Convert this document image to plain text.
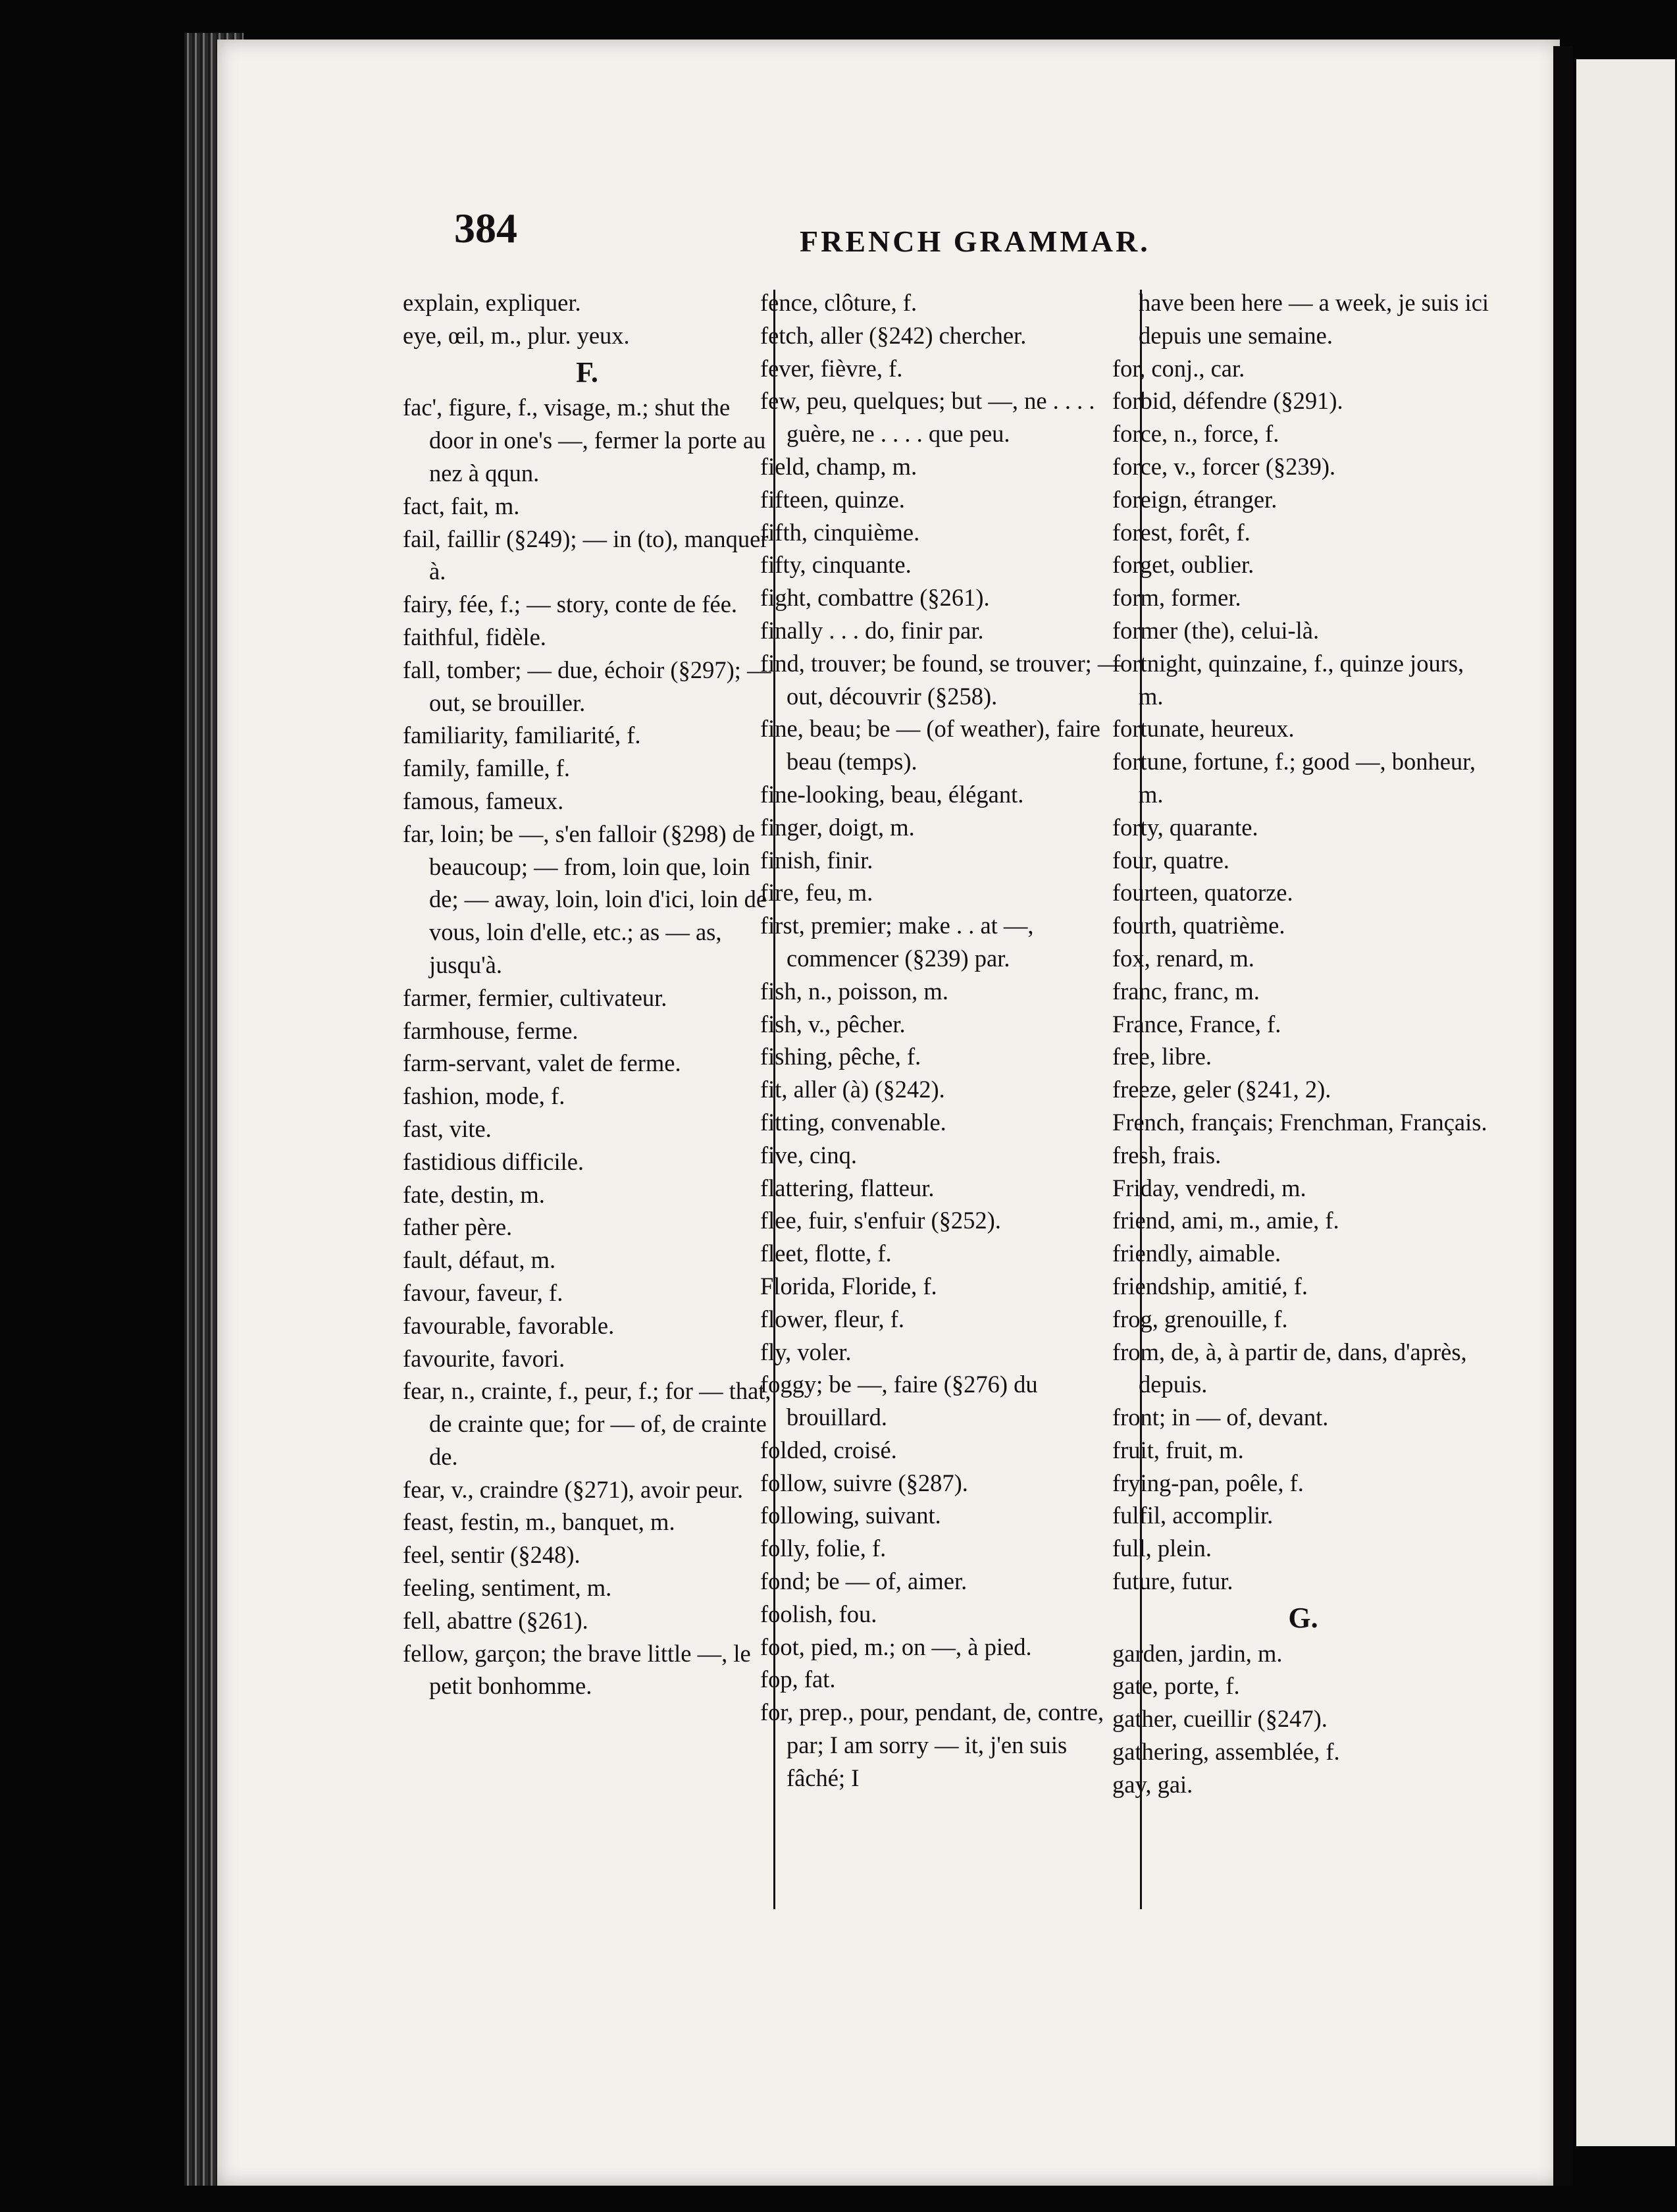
384	FRENCH GRAMMAR.

explain, expliquer.

eye, œil, m., plur. yeux.

F.

fac', figure, f., visage, m.; shut the door in one's —, fermer la porte au nez à qqun.

fact, fait, m.

fail, faillir (§249); — in (to), manquer à.

fairy, fée, f.; — story, conte de fée.

faithful, fidèle.

fall, tomber; — due, échoir (§297); — out, se brouiller.

familiarity, familiarité, f.

family, famille, f.

famous, fameux.

far, loin; be —, s'en falloir (§298) de beaucoup; — from, loin que, loin de; — away, loin, loin d'ici, loin de vous, loin d'elle, etc.; as — as, jusqu'à.

farmer, fermier, cultivateur.

farmhouse, ferme.

farm-servant, valet de ferme.

fashion, mode, f.

fast, vite.

fastidious difficile.

fate, destin, m.

father père.

fault, défaut, m.

favour, faveur, f.

favourable, favorable.

favourite, favori.

fear, n., crainte, f., peur, f.; for — that, de crainte que; for — of, de crainte de.

fear, v., craindre (§271), avoir peur.

feast, festin, m., banquet, m.

feel, sentir (§248).

feeling, sentiment, m.

fell, abattre (§261).

fellow, garçon; the brave little —, le petit bonhomme.

fence, clôture, f.

fetch, aller (§242) chercher.

fever, fièvre, f.

few, peu, quelques; but —, ne . . . . guère, ne . . . . que peu.

field, champ, m.

fifteen, quinze.

fifth, cinquième.

fifty, cinquante.

fight, combattre (§261).

finally . . . do, finir par.

find, trouver; be found, se trouver; — out, découvrir (§258).

fine, beau; be — (of weather), faire beau (temps).

fine-looking, beau, élégant.

finger, doigt, m.

finish, finir.

fire, feu, m.

first, premier; make . . at —, commencer (§239) par.

fish, n., poisson, m.

fish, v., pêcher.

fishing, pêche, f.

fit, aller (à) (§242).

fitting, convenable.

five, cinq.

flattering, flatteur.

flee, fuir, s'enfuir (§252).

fleet, flotte, f.

Florida, Floride, f.

flower, fleur, f.

fly, voler.

foggy; be —, faire (§276) du brouillard.

folded, croisé.

follow, suivre (§287).

following, suivant.

folly, folie, f.

fond; be — of, aimer.

foolish, fou.

foot, pied, m.; on —, à pied.

fop, fat.

for, prep., pour, pendant, de, contre, par; I am sorry — it, j'en suis fâché; I

have been here — a week, je suis ici depuis une semaine.

for, conj., car.

forbid, défendre (§291).

force, n., force, f.

force, v., forcer (§239).

foreign, étranger.

forest, forêt, f.

forget, oublier.

form, former.

former (the), celui-là.

fortnight, quinzaine, f., quinze jours, m.

fortunate, heureux.

fortune, fortune, f.; good —, bonheur, m.

forty, quarante.

four, quatre.

fourteen, quatorze.

fourth, quatrième.

fox, renard, m.

franc, franc, m.

France, France, f.

free, libre.

freeze, geler (§241, 2).

French, français; Frenchman, Français.

fresh, frais.

Friday, vendredi, m.

friend, ami, m., amie, f.

friendly, aimable.

friendship, amitié, f.

frog, grenouille, f.

from, de, à, à partir de, dans, d'après, depuis.

front; in — of, devant.

fruit, fruit, m.

frying-pan, poêle, f.

fulfil, accomplir.

full, plein.

future, futur.

G.

garden, jardin, m.

gate, porte, f.

gather, cueillir (§247).

gathering, assemblée, f.

gay, gai.
